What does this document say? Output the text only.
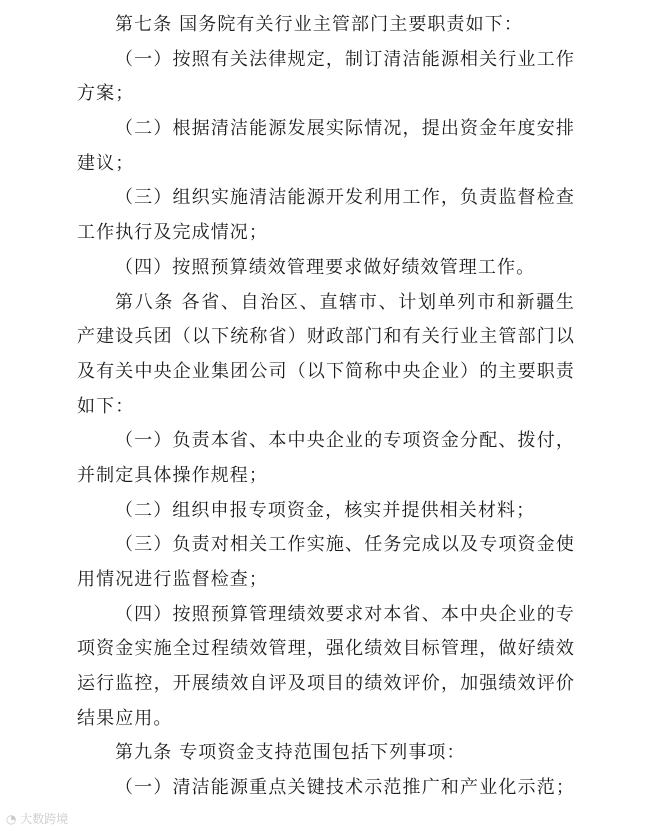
第七条 国务院有关行业主管部门主要职责如下：
（一）按照有关法律规定，制订清洁能源相关行业工作
方案；
（二）根据清洁能源发展实际情况，提出资金年度安排
建议；
（三）组织实施清洁能源开发利用工作，负责监督检查
工作执行及完成情况；
（四）按照预算绩效管理要求做好绩效管理工作。
第八条 各省、自治区、直辖市、计划单列市和新疆生
产建设兵团（以下统称省）财政部门和有关行业主管部门以
及有关中央企业集团公司（以下简称中央企业）的主要职责
如下：
（一）负责本省、本中央企业的专项资金分配、拨付，
并制定具体操作规程；
（二）组织申报专项资金，核实并提供相关材料；
（三）负责对相关工作实施、任务完成以及专项资金使
用情况进行监督检查；
（四）按照预算管理绩效要求对本省、本中央企业的专
项资金实施全过程绩效管理，强化绩效目标管理，做好绩效
运行监控，开展绩效自评及项目的绩效评价，加强绩效评价
结果应用。
第九条 专项资金支持范围包括下列事项：
（一）清洁能源重点关键技术示范推广和产业化示范；
◔ 大数跨境
